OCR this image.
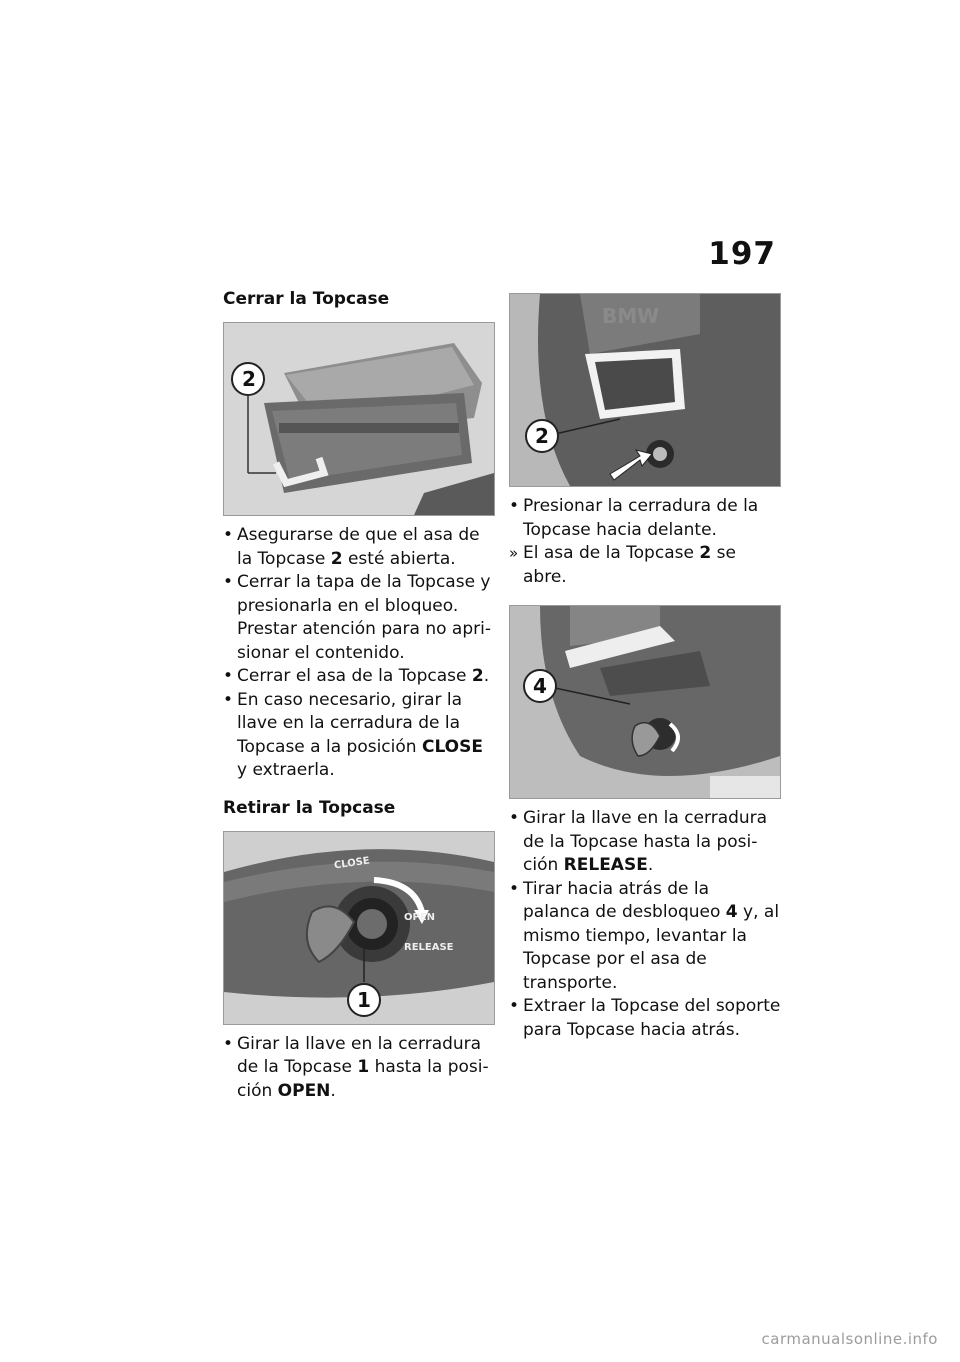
197
Cerrar la Topcase
2
• Asegurarse de que el asa de la Topcase 2 esté abierta.
• Cerrar la tapa de la Topcase y presionarla en el bloqueo. Prestar atención para no aprisionar el contenido.
• Cerrar el asa de la Topcase 2.
• En caso necesario, girar la llave en la cerradura de la Topcase a la posición CLOSE y extraerla.
Retirar la Topcase
CLOSE
OPEN
RELEASE
1
• Girar la llave en la cerradura de la Topcase 1 hasta la posición OPEN.
BMW
2
• Presionar la cerradura de la Topcase hacia delante.
» El asa de la Topcase 2 se abre.
4
• Girar la llave en la cerradura de la Topcase hasta la posición RELEASE.
• Tirar hacia atrás de la palanca de desbloqueo 4 y, al mismo tiempo, levantar la Topcase por el asa de transporte.
• Extraer la Topcase del soporte para Topcase hacia atrás.
carmanualsonline.info
